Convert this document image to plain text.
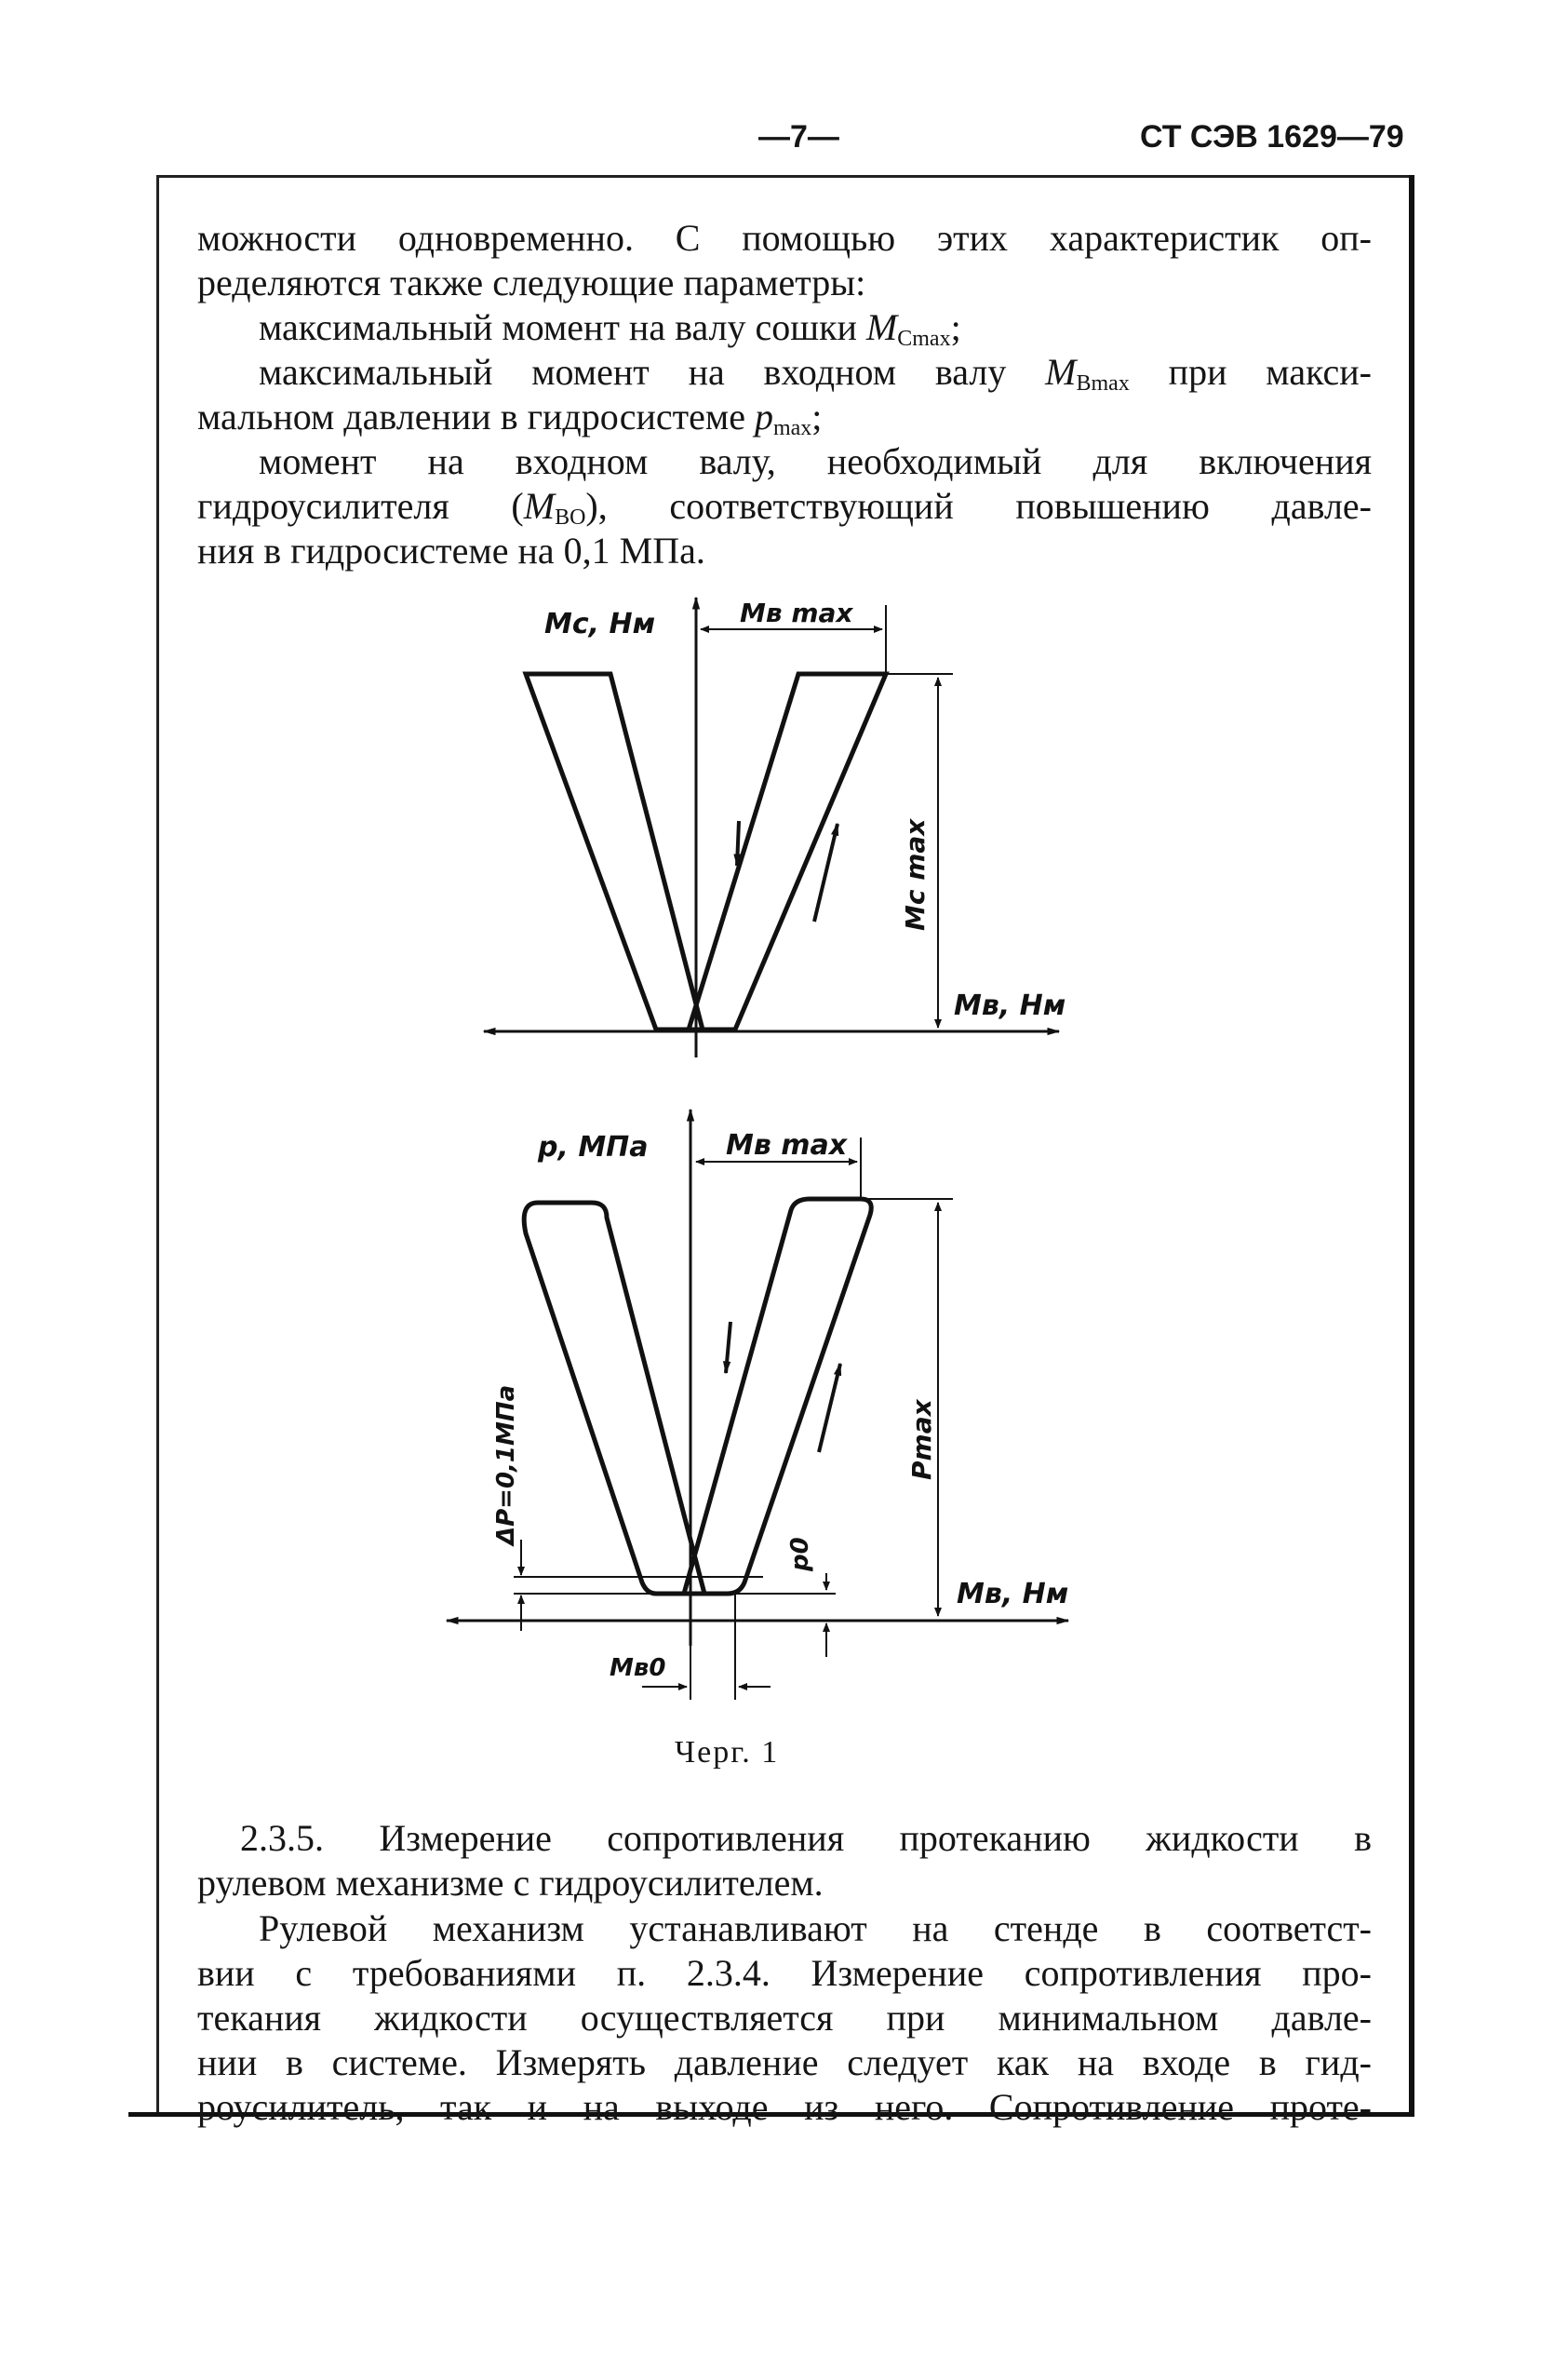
—7—	СТ СЭВ 1629—79
можности одновременно. С помощью этих характеристик оп-
ределяются также следующие параметры:
максимальный момент на валу сошки $M_{Cmax}$;
максимальный момент на входном валу $M_{Вmax}$ при макси-
мальном давлении в гидросистеме $p_{max}$;
момент на входном валу, необходимый для включения
гидроусилителя $(M_{ВО})$, соответствующий повышению давле-
ния в гидросистеме на 0,1 МПа.
Mс, Hм	Mв max
Mс max
Mв, Hм
p, MПа	Mв max
Pmax
ΔP=0,1MПа
p0
Mв, Hм
Mв0
Черг. 1
2.3.5. Измерение сопротивления протеканию жидкости в
рулевом механизме с гидроусилителем.
Рулевой механизм устанавливают на стенде в соответст-
вии с требованиями п. 2.3.4. Измерение сопротивления про-
текания жидкости осуществляется при минимальном давле-
нии в системе. Измерять давление следует как на входе в гид-
роусилитель, так и на выходе из него. Сопротивление проте-
